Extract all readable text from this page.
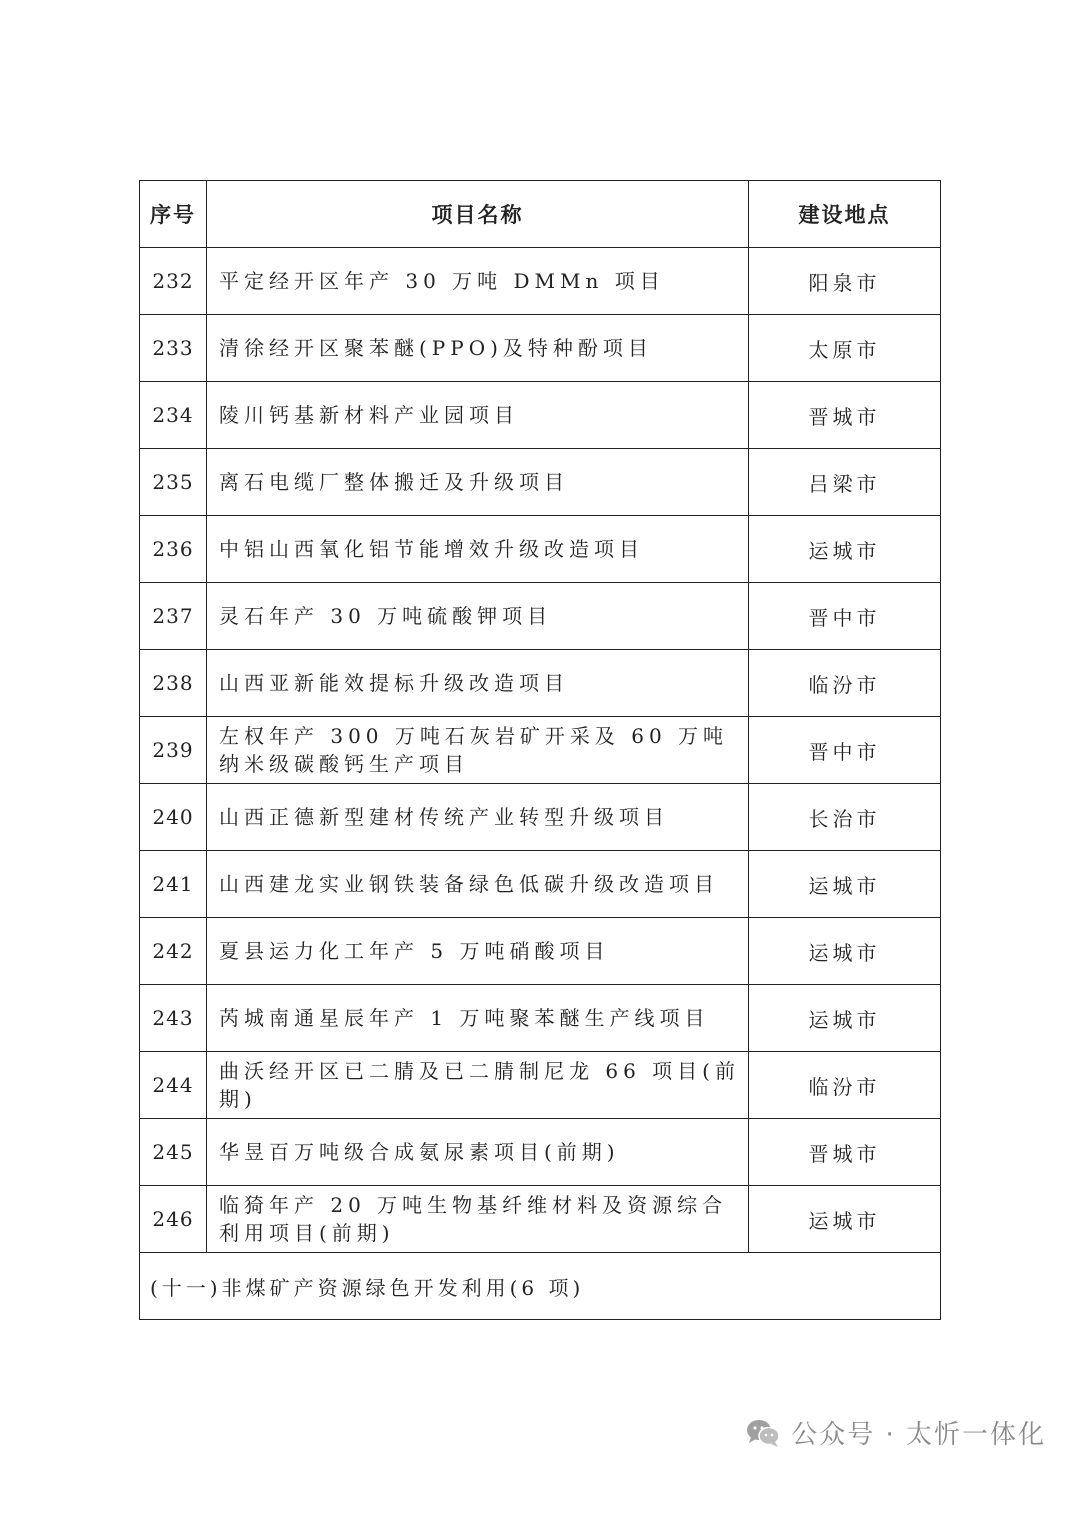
序号	项目名称	建设地点
232	平定经开区年产 30 万吨 DMMn 项目	阳泉市
233	清徐经开区聚苯醚(PPO)及特种酚项目	太原市
234	陵川钙基新材料产业园项目	晋城市
235	离石电缆厂整体搬迁及升级项目	吕梁市
236	中铝山西氧化铝节能增效升级改造项目	运城市
237	灵石年产 30 万吨硫酸钾项目	晋中市
238	山西亚新能效提标升级改造项目	临汾市
239	左权年产 300 万吨石灰岩矿开采及 60 万吨纳米级碳酸钙生产项目	晋中市
240	山西正德新型建材传统产业转型升级项目	长治市
241	山西建龙实业钢铁装备绿色低碳升级改造项目	运城市
242	夏县运力化工年产 5 万吨硝酸项目	运城市
243	芮城南通星辰年产 1 万吨聚苯醚生产线项目	运城市
244	曲沃经开区已二腈及已二腈制尼龙 66 项目(前期)	临汾市
245	华昱百万吨级合成氨尿素项目(前期)	晋城市
246	临猗年产 20 万吨生物基纤维材料及资源综合利用项目(前期)	运城市
(十一)非煤矿产资源绿色开发利用(6 项)		
公众号 · 太忻一体化
